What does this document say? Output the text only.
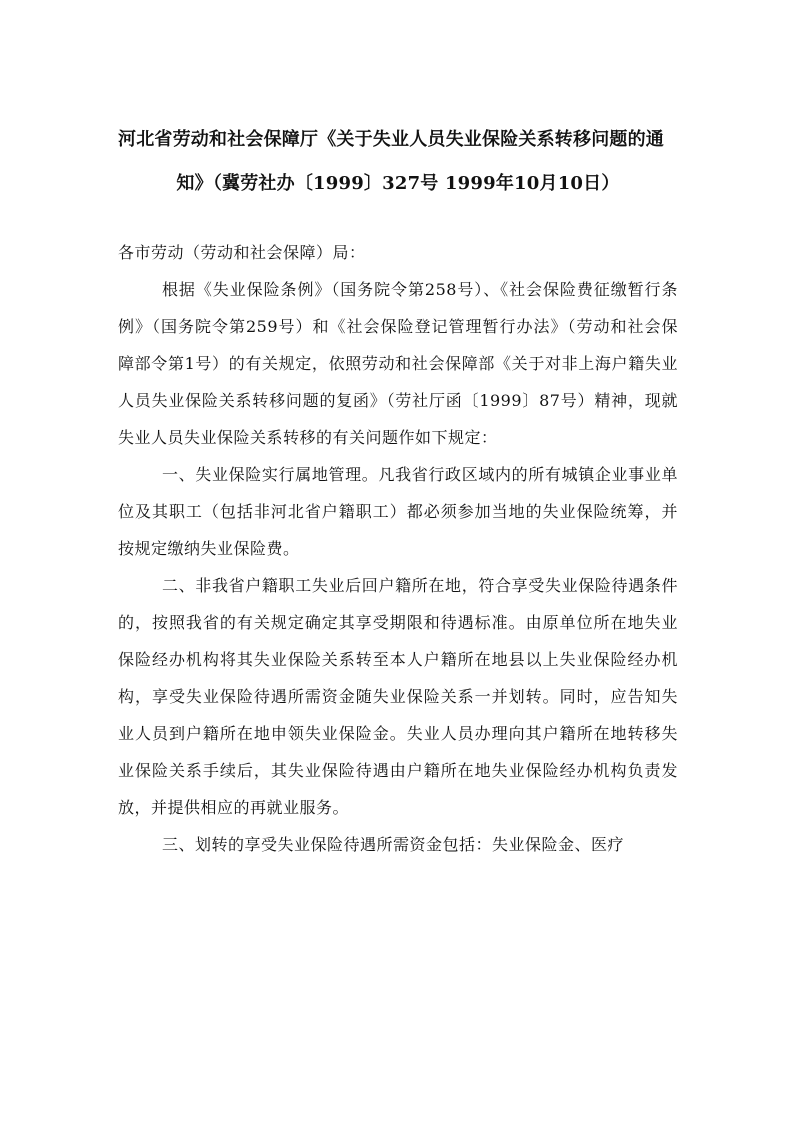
河北省劳动和社会保障厅《关于失业人员失业保险关系转移问题的通
知》（冀劳社办〔1999〕327号 1999年10月10日）

各市劳动（劳动和社会保障）局：

根据《失业保险条例》（国务院令第258号）、《社会保险费征缴暂行条例》（国务院令第259号）和《社会保险登记管理暂行办法》（劳动和社会保障部令第1号）的有关规定，依照劳动和社会保障部《关于对非上海户籍失业人员失业保险关系转移问题的复函》（劳社厅函〔1999〕87号）精神，现就失业人员失业保险关系转移的有关问题作如下规定：

一、失业保险实行属地管理。凡我省行政区域内的所有城镇企业事业单位及其职工（包括非河北省户籍职工）都必须参加当地的失业保险统筹，并按规定缴纳失业保险费。

二、非我省户籍职工失业后回户籍所在地，符合享受失业保险待遇条件的，按照我省的有关规定确定其享受期限和待遇标准。由原单位所在地失业保险经办机构将其失业保险关系转至本人户籍所在地县以上失业保险经办机构，享受失业保险待遇所需资金随失业保险关系一并划转。同时，应告知失业人员到户籍所在地申领失业保险金。失业人员办理向其户籍所在地转移失业保险关系手续后，其失业保险待遇由户籍所在地失业保险经办机构负责发放，并提供相应的再就业服务。

三、划转的享受失业保险待遇所需资金包括：失业保险金、医疗
